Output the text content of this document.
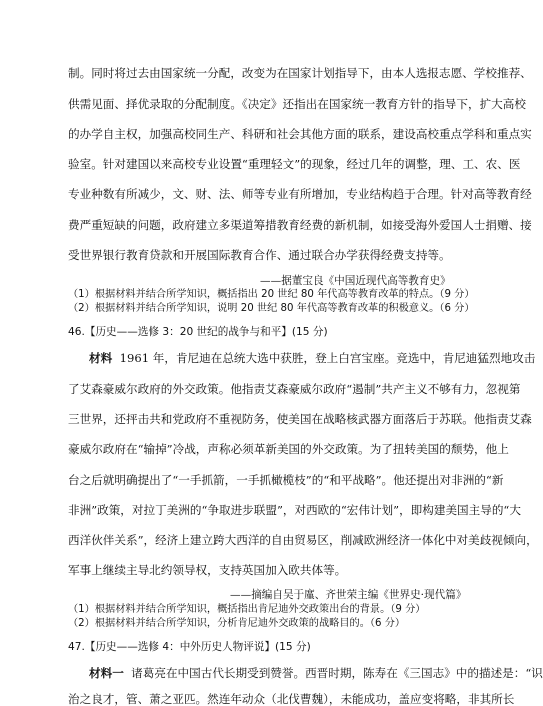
制。同时将过去由国家统一分配，改变为在国家计划指导下，由本人选报志愿、学校推荐、
供需见面、择优录取的分配制度。《决定》还指出在国家统一教育方针的指导下，扩大高校
的办学自主权，加强高校同生产、科研和社会其他方面的联系，建设高校重点学科和重点实
验室。针对建国以来高校专业设置“重理轻文”的现象，经过几年的调整，理、工、农、医
专业种数有所减少，文、财、法、师等专业有所增加，专业结构趋于合理。针对高等教育经
费严重短缺的问题，政府建立多渠道筹措教育经费的新机制，如接受海外爱国人士捐赠、接
受世界银行教育贷款和开展国际教育合作、通过联合办学获得经费支持等。
——据董宝良《中国近现代高等教育史》
（1）根据材料并结合所学知识，概括指出 20 世纪 80 年代高等教育改革的特点。（9 分）
（2）根据材料并结合所学知识，说明 20 世纪 80 年代高等教育改革的积极意义。（6 分）
46.【历史——选修 3：20 世纪的战争与和平】(15 分)
材料 1961 年，肯尼迪在总统大选中获胜，登上白宫宝座。竞选中，肯尼迪猛烈地攻击
了艾森豪威尔政府的外交政策。他指责艾森豪威尔政府“遏制”共产主义不够有力，忽视第
三世界，还抨击共和党政府不重视防务，使美国在战略核武器方面落后于苏联。他指责艾森
豪威尔政府在“输掉”冷战，声称必须革新美国的外交政策。为了扭转美国的颓势，他上
台之后就明确提出了“一手抓箭，一手抓橄榄枝”的“和平战略”。他还提出对非洲的“新
非洲”政策，对拉丁美洲的“争取进步联盟”，对西欧的“宏伟计划”，即构建美国主导的“大
西洋伙伴关系”，经济上建立跨大西洋的自由贸易区，削减欧洲经济一体化中对美歧视倾向，
军事上继续主导北约领导权，支持英国加入欧共体等。
——摘编自吴于廑、齐世荣主编《世界史·现代篇》
（1）根据材料并结合所学知识，概括指出肯尼迪外交政策出台的背景。（9 分）
（2）根据材料并结合所学知识，分析肯尼迪外交政策的战略目的。（6 分）
47.【历史——选修 4：中外历史人物评说】(15 分)
材料一 诸葛亮在中国古代长期受到赞誉。西晋时期，陈寿在《三国志》中的描述是：“识
治之良才，管、萧之亚匹。然连年动众（北伐曹魏），未能成功，盖应变将略，非其所长
